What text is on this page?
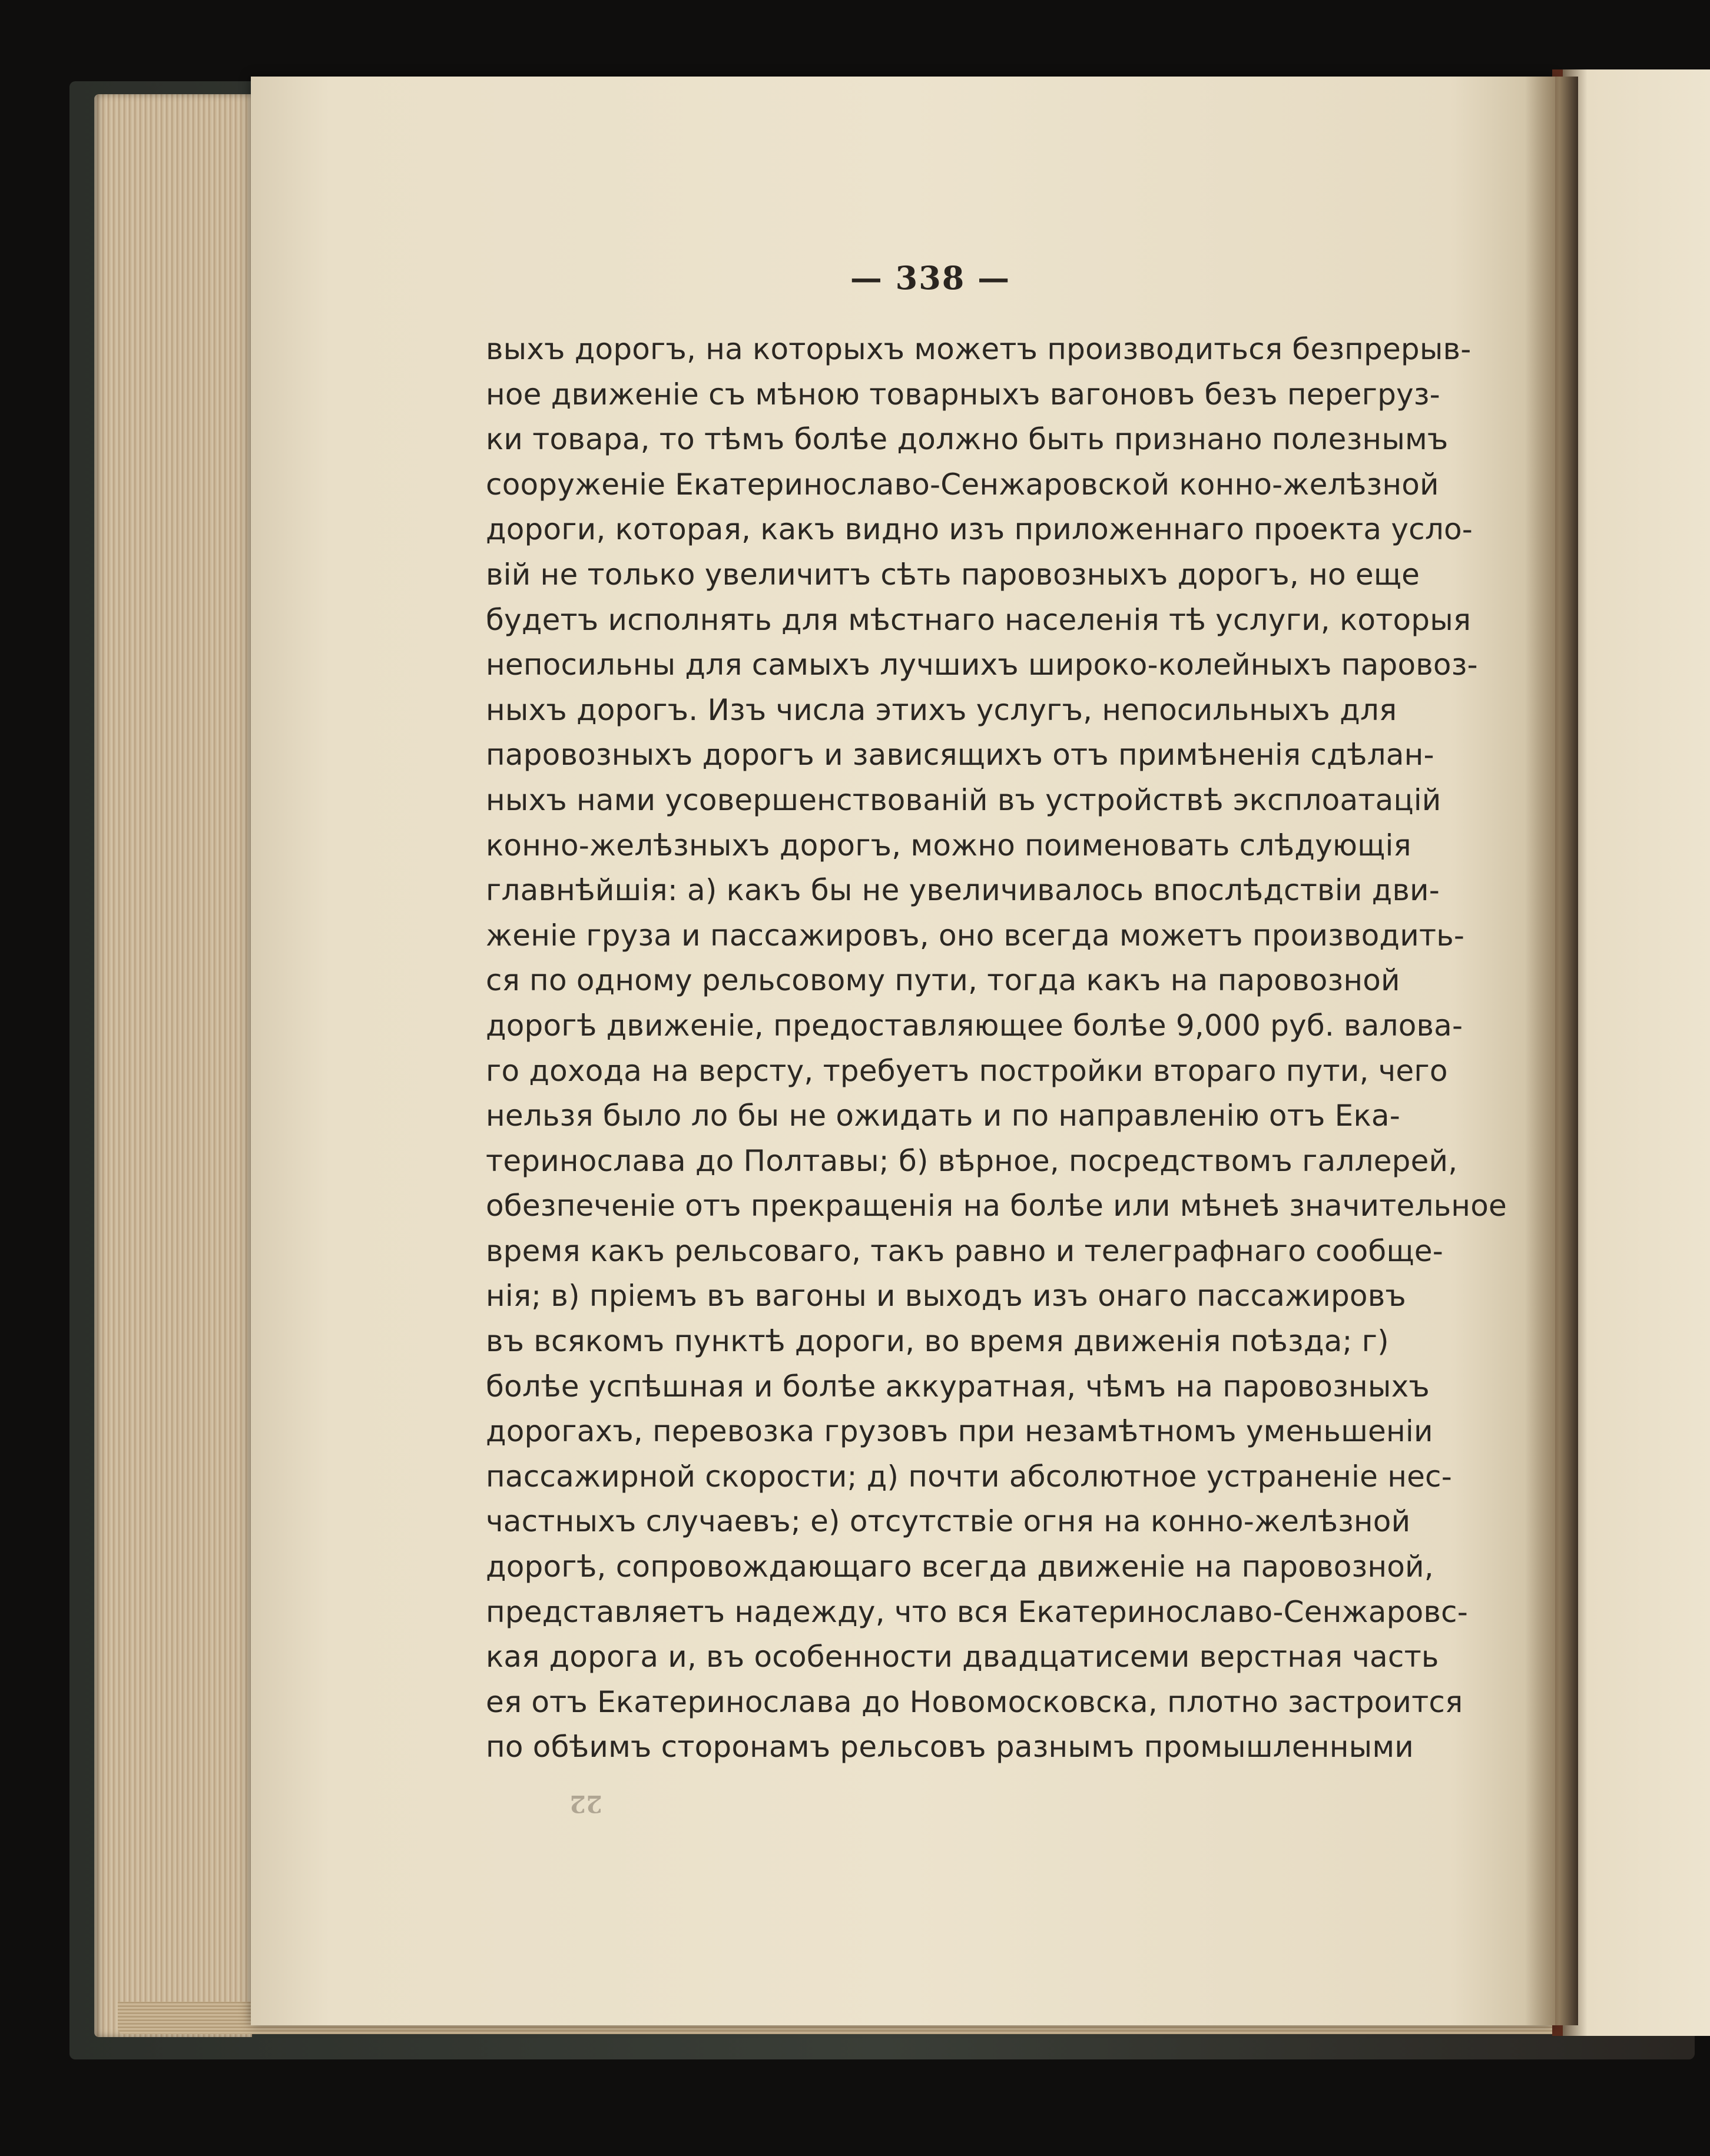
— 338 —
выхъ дорогъ, на которыхъ можетъ производиться безпрерыв-
ное движеніе съ мѣною товарныхъ вагоновъ безъ перегруз-
ки товара, то тѣмъ болѣе должно быть признано полезнымъ
сооруженіе Екатеринославо-Сенжаровской конно-желѣзной
дороги, которая, какъ видно изъ приложеннаго проекта усло-
вій не только увеличитъ сѣть паровозныхъ дорогъ, но еще
будетъ исполнять для мѣстнаго населенія тѣ услуги, которыя
непосильны для самыхъ лучшихъ широко-колейныхъ паровоз-
ныхъ дорогъ. Изъ числа этихъ услугъ, непосильныхъ для
паровозныхъ дорогъ и зависящихъ отъ примѣненія сдѣлан-
ныхъ нами усовершенствованій въ устройствѣ эксплоатацій
конно-желѣзныхъ дорогъ, можно поименовать слѣдующія
главнѣйшія: а) какъ бы не увеличивалось впослѣдствіи дви-
женіе груза и пассажировъ, оно всегда можетъ производить-
ся по одному рельсовому пути, тогда какъ на паровозной
дорогѣ движеніе, предоставляющее болѣе 9,000 руб. валова-
го дохода на версту, требуетъ постройки втораго пути, чего
нельзя было ло бы не ожидать и по направленію отъ Ека-
теринослава до Полтавы; б) вѣрное, посредствомъ галлерей,
обезпеченіе отъ прекращенія на болѣе или мѣнеѣ значительное
время какъ рельсоваго, такъ равно и телеграфнаго сообще-
нія; в) пріемъ въ вагоны и выходъ изъ онаго пассажировъ
въ всякомъ пунктѣ дороги, во время движенія поѣзда; г)
болѣе успѣшная и болѣе аккуратная, чѣмъ на паровозныхъ
дорогахъ, перевозка грузовъ при незамѣтномъ уменьшеніи
пассажирной скорости; д) почти абсолютное устраненіе нес-
частныхъ случаевъ; е) отсутствіе огня на конно-желѣзной
дорогѣ, сопровождающаго всегда движеніе на паровозной,
представляетъ надежду, что вся Екатеринославо-Сенжаровс-
кая дорога и, въ особенности двадцатисеми верстная часть
ея отъ Екатеринослава до Новомосковска, плотно застроится
по обѣимъ сторонамъ рельсовъ разнымъ промышленными
22
